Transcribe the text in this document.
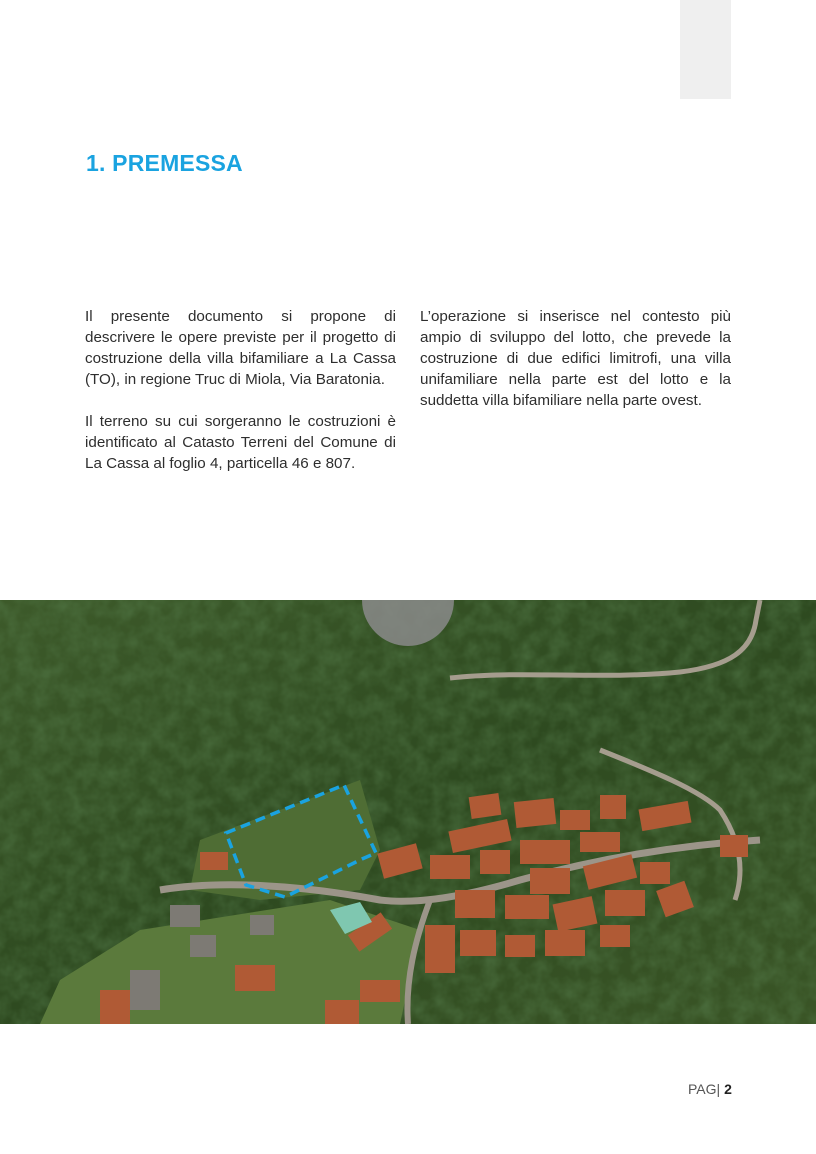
1. PREMESSA

Il presente documento si propone di descrivere le opere previste per il progetto di costruzione della villa bifamiliare a La Cassa (TO), in regione Truc di Miola, Via Baratonia.

Il terreno su cui sorgeranno le costruzioni è identificato al Catasto Terreni del Comune di La Cassa al foglio 4, particella 46 e 807.

L’operazione si inserisce nel contesto più ampio di sviluppo del lotto, che prevede la costruzione di due edifici limitrofi, una villa unifamiliare nella parte est del lotto e la suddetta villa bifamiliare nella parte ovest.

PAG| 2
